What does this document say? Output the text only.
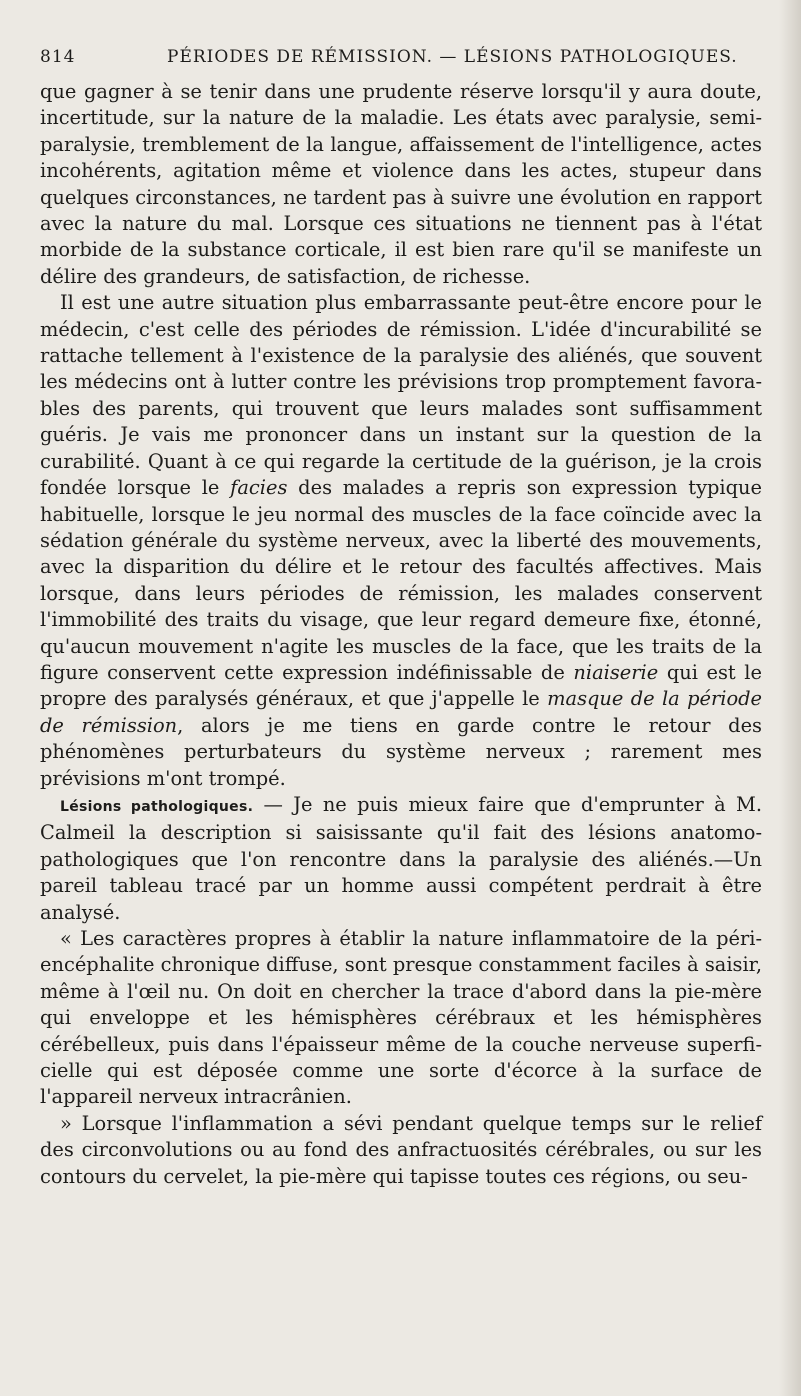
814	PÉRIODES DE RÉMISSION. — LÉSIONS PATHOLOGIQUES.

que gagner à se tenir dans une prudente réserve lorsqu'il y aura doute, incertitude, sur la nature de la maladie. Les états avec paralysie, semi-paralysie, tremblement de la langue, affaissement de l'intelligence, actes incohérents, agitation même et violence dans les actes, stupeur dans quelques circonstances, ne tardent pas à suivre une évolution en rapport avec la nature du mal. Lorsque ces situations ne tiennent pas à l'état morbide de la substance corticale, il est bien rare qu'il se manifeste un délire des grandeurs, de satisfaction, de richesse.

Il est une autre situation plus embarrassante peut-être encore pour le médecin, c'est celle des périodes de rémission. L'idée d'incurabilité se rattache tellement à l'existence de la paralysie des aliénés, que souvent les médecins ont à lutter contre les prévisions trop promptement favorables des parents, qui trouvent que leurs malades sont suffisamment guéris. Je vais me prononcer dans un instant sur la question de la curabilité. Quant à ce qui regarde la certitude de la guérison, je la crois fondée lorsque le facies des malades a repris son expression typique habituelle, lorsque le jeu normal des muscles de la face coïncide avec la sédation générale du système nerveux, avec la liberté des mouvements, avec la disparition du délire et le retour des facultés affectives. Mais lorsque, dans leurs périodes de rémission, les malades conservent l'immobilité des traits du visage, que leur regard demeure fixe, étonné, qu'aucun mouvement n'agite les muscles de la face, que les traits de la figure conservent cette expression indéfinissable de niaiserie qui est le propre des paralysés généraux, et que j'appelle le masque de la période de rémission, alors je me tiens en garde contre le retour des phénomènes perturbateurs du système nerveux ; rarement mes prévisions m'ont trompé.

Lésions pathologiques. — Je ne puis mieux faire que d'emprunter à M. Calmeil la description si saisissante qu'il fait des lésions anatomo-pathologiques que l'on rencontre dans la paralysie des aliénés.—Un pareil tableau tracé par un homme aussi compétent perdrait à être analysé.

« Les caractères propres à établir la nature inflammatoire de la péri-encéphalite chronique diffuse, sont presque constamment faciles à saisir, même à l'œil nu. On doit en chercher la trace d'abord dans la pie-mère qui enveloppe et les hémisphères cérébraux et les hémisphères cérébelleux, puis dans l'épaisseur même de la couche nerveuse superficielle qui est déposée comme une sorte d'écorce à la surface de l'appareil nerveux intracrânien.

» Lorsque l'inflammation a sévi pendant quelque temps sur le relief des circonvolutions ou au fond des anfractuosités cérébrales, ou sur les contours du cervelet, la pie-mère qui tapisse toutes ces régions, ou seu-
